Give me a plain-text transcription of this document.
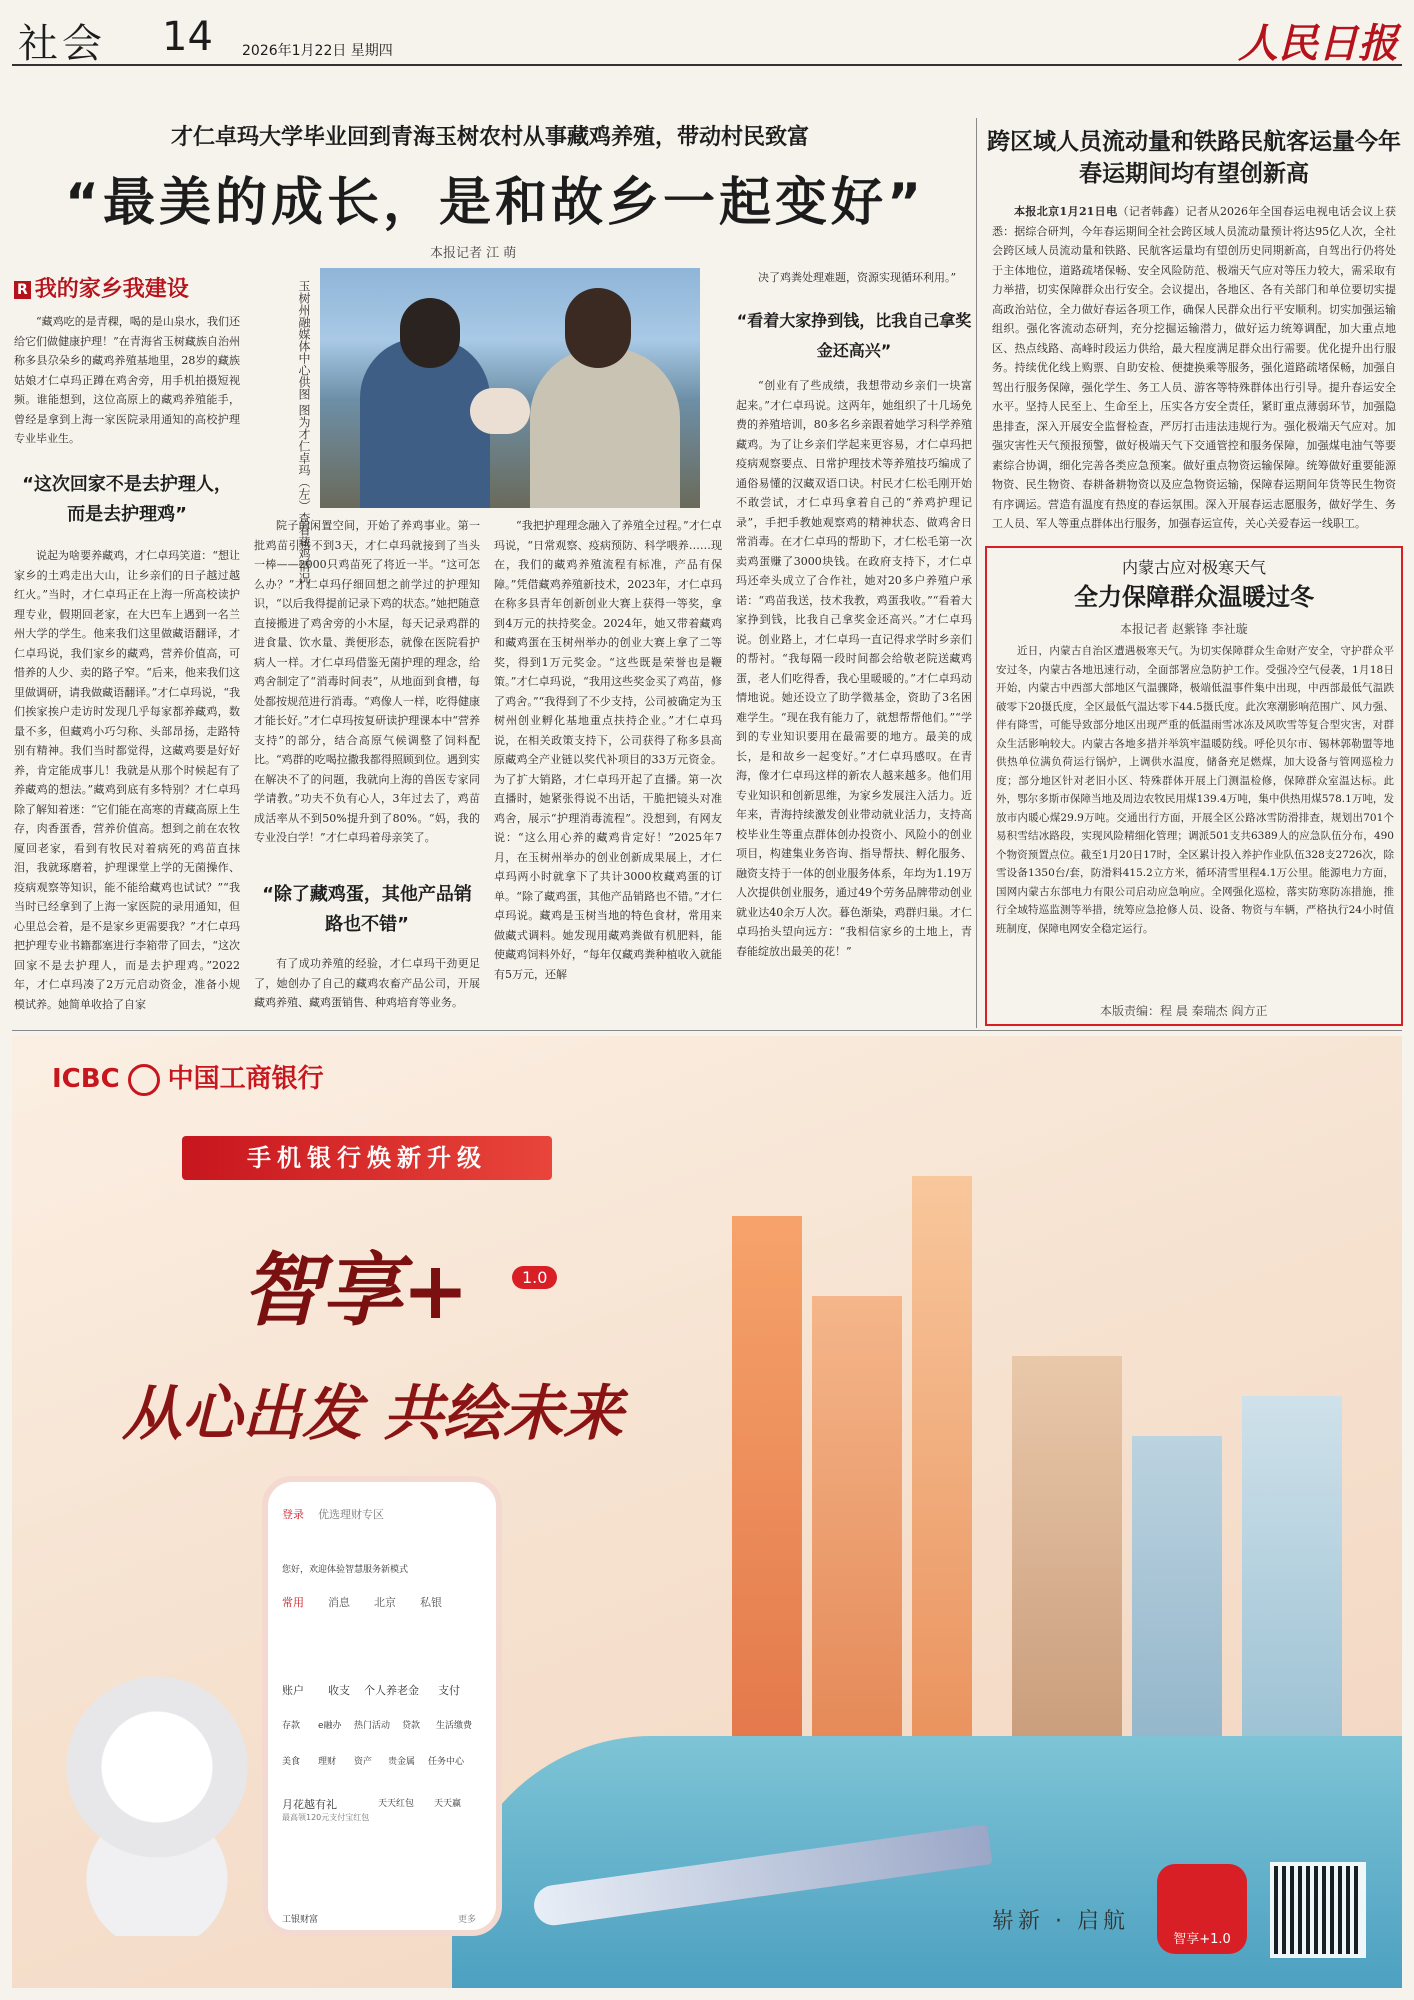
社会 14 2026年1月22日 星期四	人民日报
才仁卓玛大学毕业回到青海玉树农村从事藏鸡养殖，带动村民致富
“最美的成长，是和故乡一起变好”
本报记者 江 萌
R 我的家乡我建设

“藏鸡吃的是青稞，喝的是山泉水，我们还给它们做健康护理！”在青海省玉树藏族自治州称多县尕朵乡的藏鸡养殖基地里，28岁的藏族姑娘才仁卓玛正蹲在鸡舍旁，用手机拍摄短视频。谁能想到，这位高原上的藏鸡养殖能手，曾经是拿到上海一家医院录用通知的高校护理专业毕业生。

“这次回家不是去护理人，而是去护理鸡”

说起为啥要养藏鸡，才仁卓玛笑道：“想让家乡的土鸡走出大山，让乡亲们的日子越过越红火。”当时，才仁卓玛正在上海一所高校读护理专业，假期回老家，在大巴车上遇到一名兰州大学的学生。他来我们这里做藏语翻译，才仁卓玛说，我们家乡的藏鸡，营养价值高，可惜养的人少、卖的路子窄。“后来，他来我们这里做调研，请我做藏语翻译。”才仁卓玛说，“我们挨家挨户走访时发现几乎每家都养藏鸡，数量不多，但藏鸡小巧匀称、头部昂扬，走路特别有精神。我们当时都觉得，这藏鸡要是好好养，肯定能成事儿！我就是从那个时候起有了养藏鸡的想法。”藏鸡到底有多特别？才仁卓玛除了解知着迷：“它们能在高寒的青藏高原上生存，肉香蛋香，营养价值高。想到之前在农牧厦回老家，看到有牧民对着病死的鸡苗直抹泪，我就琢磨着，护理课堂上学的无菌操作、疫病观察等知识，能不能给藏鸡也试试？”“我当时已经拿到了上海一家医院的录用通知，但心里总会着，是不是家乡更需要我？”才仁卓玛把护理专业书籍都塞进行李箱带了回去，“这次回家不是去护理人，而是去护理鸡。”2022年，才仁卓玛凑了2万元启动资金，准备小规模试养。她简单收拾了自家

玉树州融媒体中心供图 图为才仁卓玛（左）查看藏鸡情况。

院子的闲置空间，开始了养鸡事业。第一批鸡苗引进不到3天，才仁卓玛就接到了当头一棒——2000只鸡苗死了将近一半。“这可怎么办？”才仁卓玛仔细回想之前学过的护理知识，“以后我得提前记录下鸡的状态。”她把随意直接搬进了鸡舍旁的小木屋，每天记录鸡群的进食量、饮水量、粪便形态，就像在医院看护病人一样。才仁卓玛借鉴无菌护理的理念，给鸡舍制定了“消毒时间表”，从地面到食槽，每处都按规范进行消毒。“鸡像人一样，吃得健康才能长好。”才仁卓玛按复研读护理课本中“营养支持”的部分，结合高原气候调整了饲料配比。“鸡群的吃喝拉撒我都得照顾到位。遇到实在解决不了的问题，我就向上海的兽医专家同学请教。”功夫不负有心人，3年过去了，鸡苗成活率从不到50%提升到了80%。“妈，我的专业没白学！”才仁卓玛着母亲笑了。

“除了藏鸡蛋，其他产品销路也不错”

有了成功养殖的经验，才仁卓玛干劲更足了，她创办了自己的藏鸡农畜产品公司，开展藏鸡养殖、藏鸡蛋销售、种鸡培育等业务。

“我把护理理念融入了养殖全过程。”才仁卓玛说，“日常观察、疫病预防、科学喂养……现在，我们的藏鸡养殖流程有标准，产品有保障。”凭借藏鸡养殖新技术，2023年，才仁卓玛在称多县青年创新创业大赛上获得一等奖，拿到4万元的扶持奖金。2024年，她又带着藏鸡和藏鸡蛋在玉树州举办的创业大赛上拿了二等奖，得到1万元奖金。“这些既是荣誉也是鞭策。”才仁卓玛说，“我用这些奖金买了鸡苗，修了鸡舍。”“我得到了不少支持，公司被确定为玉树州创业孵化基地重点扶持企业。”才仁卓玛说，在相关政策支持下，公司获得了称多县高原藏鸡全产业链以奖代补项目的33万元资金。为了扩大销路，才仁卓玛开起了直播。第一次直播时，她紧张得说不出话，干脆把镜头对准鸡舍，展示“护理消毒流程”。没想到，有网友说：“这么用心养的藏鸡肯定好！”2025年7月，在玉树州举办的创业创新成果展上，才仁卓玛两小时就拿下了共计3000枚藏鸡蛋的订单。“除了藏鸡蛋，其他产品销路也不错。”才仁卓玛说。藏鸡是玉树当地的特色食材，常用来做藏式调料。她发现用藏鸡粪做有机肥料，能使藏鸡饲料外好，“每年仅藏鸡粪种植收入就能有5万元，还解

决了鸡粪处理难题，资源实现循环利用。”

“看着大家挣到钱，比我自己拿奖金还高兴”

“创业有了些成绩，我想带动乡亲们一块富起来。”才仁卓玛说。这两年，她组织了十几场免费的养殖培训，80多名乡亲跟着她学习科学养殖藏鸡。为了让乡亲们学起来更容易，才仁卓玛把疫病观察要点、日常护理技术等养殖技巧编成了通俗易懂的汉藏双语口诀。村民才仁松毛刚开始不敢尝试，才仁卓玛拿着自己的“养鸡护理记录”，手把手教她观察鸡的精神状态、做鸡舍日常消毒。在才仁卓玛的帮助下，才仁松毛第一次卖鸡蛋赚了3000块钱。在政府支持下，才仁卓玛还牵头成立了合作社，她对20多户养殖户承诺：“鸡苗我送，技术我教，鸡蛋我收。”“看着大家挣到钱，比我自己拿奖金还高兴。”才仁卓玛说。创业路上，才仁卓玛一直记得求学时乡亲们的帮衬。“我每隔一段时间都会给敬老院送藏鸡蛋，老人们吃得香，我心里暖暖的。”才仁卓玛动情地说。她还设立了助学微基金，资助了3名困难学生。“现在我有能力了，就想帮帮他们。”“学到的专业知识要用在最需要的地方。最美的成长，是和故乡一起变好。”才仁卓玛感叹。在青海，像才仁卓玛这样的新农人越来越多。他们用专业知识和创新思维，为家乡发展注入活力。近年来，青海持续激发创业带动就业活力，支持高校毕业生等重点群体创办投资小、风险小的创业项目，构建集业务咨询、指导帮扶、孵化服务、融资支持于一体的创业服务体系，年均为1.19万人次提供创业服务，通过49个劳务品牌带动创业就业达40余万人次。暮色渐染，鸡群归巢。才仁卓玛抬头望向远方：“我相信家乡的土地上，青春能绽放出最美的花！”

跨区域人员流动量和铁路民航客运量今年春运期间均有望创新高

本报北京1月21日电（记者韩鑫）记者从2026年全国春运电视电话会议上获悉：据综合研判，今年春运期间全社会跨区域人员流动量预计将达95亿人次，全社会跨区域人员流动量和铁路、民航客运量均有望创历史同期新高，自驾出行仍将处于主体地位，道路疏堵保畅、安全风险防范、极端天气应对等压力较大，需采取有力举措，切实保障群众出行安全。会议提出，各地区、各有关部门和单位要切实提高政治站位，全力做好春运各项工作，确保人民群众出行平安顺利。切实加强运输组织。强化客流动态研判，充分挖掘运输潜力，做好运力统筹调配，加大重点地区、热点线路、高峰时段运力供给，最大程度满足群众出行需要。优化提升出行服务。持续优化线上购票、自助安检、便捷换乘等服务，强化道路疏堵保畅，加强自驾出行服务保障，强化学生、务工人员、游客等特殊群体出行引导。提升春运安全水平。坚持人民至上、生命至上，压实各方安全责任，紧盯重点薄弱环节，加强隐患排查，深入开展安全监督检查，严厉打击违法违规行为。强化极端天气应对。加强灾害性天气预报预警，做好极端天气下交通管控和服务保障，加强煤电油气等要素综合协调，细化完善各类应急预案。做好重点物资运输保障。统筹做好重要能源物资、民生物资、春耕备耕物资以及应急物资运输，保障春运期间年货等民生物资有序调运。营造有温度有热度的春运氛围。深入开展春运志愿服务，做好学生、务工人员、军人等重点群体出行服务，加强春运宣传，关心关爱春运一线职工。

内蒙古应对极寒天气
全力保障群众温暖过冬
本报记者 赵紫锋 李社璇

近日，内蒙古自治区遭遇极寒天气。为切实保障群众生命财产安全，守护群众平安过冬，内蒙古各地迅速行动，全面部署应急防护工作。受强冷空气侵袭，1月18日开始，内蒙古中西部大部地区气温骤降，极端低温事件集中出现，中西部最低气温跌破零下20摄氏度，全区最低气温达零下44.5摄氏度。此次寒潮影响范围广、风力强、伴有降雪，可能导致部分地区出现严重的低温雨雪冰冻及风吹雪等复合型灾害，对群众生活影响较大。内蒙古各地多措并举筑牢温暖防线。呼伦贝尔市、锡林郭勒盟等地供热单位满负荷运行锅炉，上调供水温度，储备充足燃煤，加大设备与管网巡检力度；部分地区针对老旧小区、特殊群体开展上门测温检修，保障群众室温达标。此外，鄂尔多斯市保障当地及周边农牧民用煤139.4万吨，集中供热用煤578.1万吨，发放市内暖心煤29.9万吨。交通出行方面，开展全区公路冰雪防滑排查，规划出701个易积雪结冰路段，实现风险精细化管理；调派501支共6389人的应急队伍分布，490个物资预置点位。截至1月20日17时，全区累计投入养护作业队伍328支2726次，除雪设备1350台/套，防滑料415.2立方米，循环清雪里程4.1万公里。能源电力方面，国网内蒙古东部电力有限公司启动应急响应。全网强化巡检，落实防寒防冻措施，推行全域特巡监测等举措，统筹应急抢修人员、设备、物资与车辆，严格执行24小时值班制度，保障电网安全稳定运行。

本版责编：程 晨 秦瑞杰 阎方正
ICBC 中国工商银行
手机银行焕新升级
智享+	1.0
从心出发 共绘未来
登录 优选理财专区
您好，欢迎体验智慧服务新模式
常用 消息 北京 私银
账户 收支 个人养老金 支付
存款 e融办 热门活动 贷款 生活缴费
美食 理财 资产 贵金属 任务中心
月花越有礼
最高领120元支付宝红包
天天红包 天天赢
工银财富	更多	崭新 · 启航
智享+1.0
